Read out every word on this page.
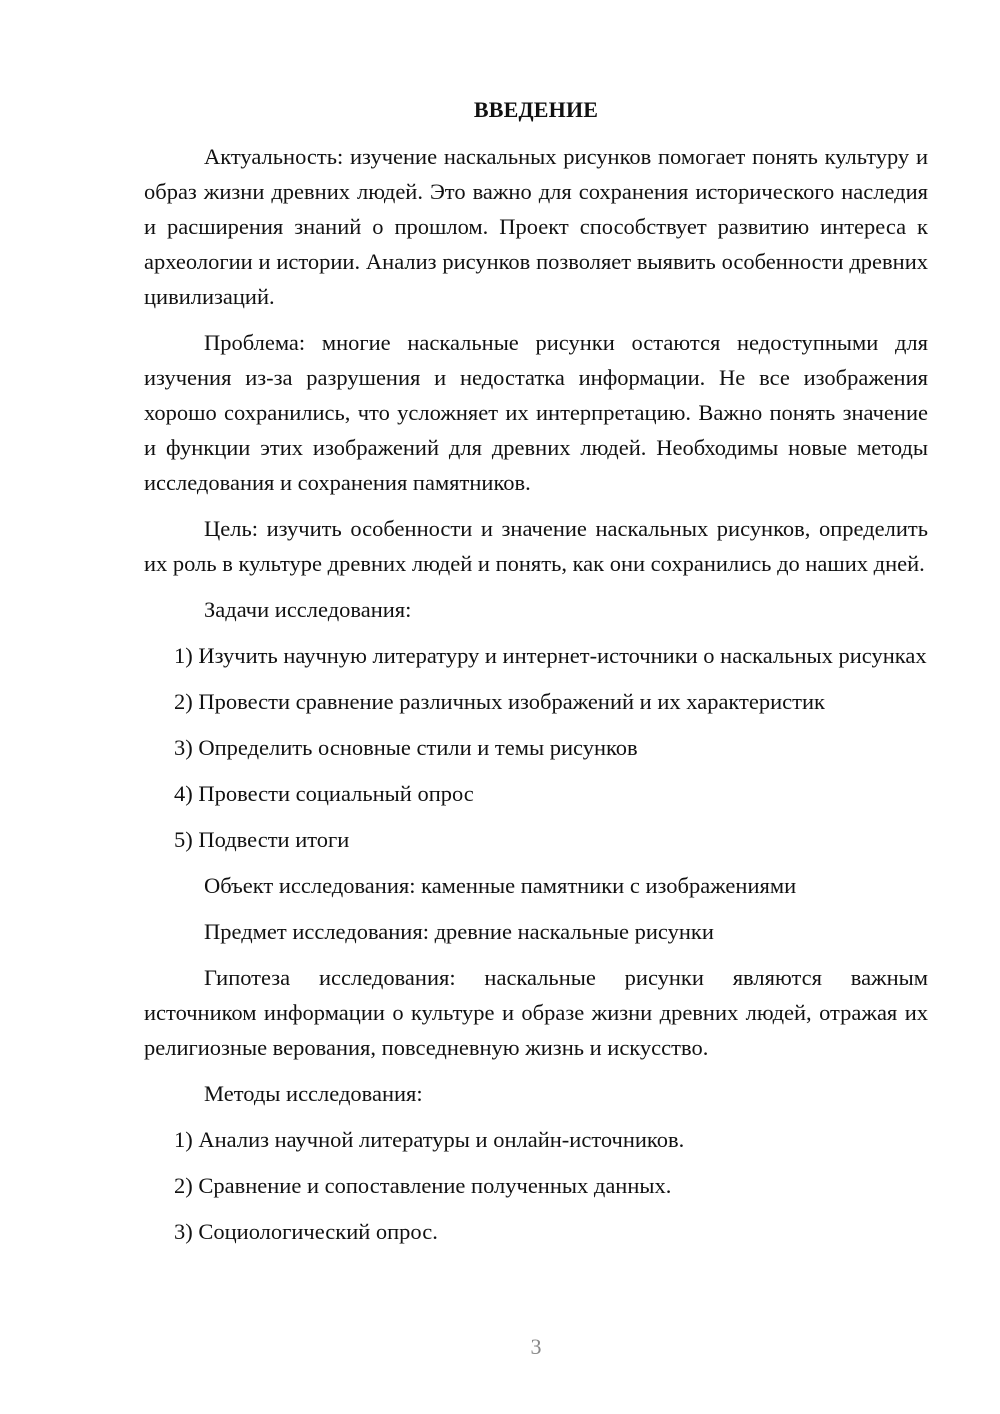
ВВЕДЕНИЕ

Актуальность: изучение наскальных рисунков помогает понять культуру и образ жизни древних людей. Это важно для сохранения исторического наследия и расширения знаний о прошлом. Проект способствует развитию интереса к археологии и истории. Анализ рисунков позволяет выявить особенности древних цивилизаций.

Проблема: многие наскальные рисунки остаются недоступными для изучения из-за разрушения и недостатка информации. Не все изображения хорошо сохранились, что усложняет их интерпретацию. Важно понять значение и функции этих изображений для древних людей. Необходимы новые методы исследования и сохранения памятников.

Цель: изучить особенности и значение наскальных рисунков, определить их роль в культуре древних людей и понять, как они сохранились до наших дней.

Задачи исследования:
1) Изучить научную литературу и интернет-источники о наскальных рисунках
2) Провести сравнение различных изображений и их характеристик
3) Определить основные стили и темы рисунков
4) Провести социальный опрос
5) Подвести итоги
Объект исследования: каменные памятники с изображениями
Предмет исследования: древние наскальные рисунки

Гипотеза исследования: наскальные рисунки являются важным источником информации о культуре и образе жизни древних людей, отражая их религиозные верования, повседневную жизнь и искусство.

Методы исследования:
1) Анализ научной литературы и онлайн-источников.
2) Сравнение и сопоставление полученных данных.
3) Социологический опрос.
3
